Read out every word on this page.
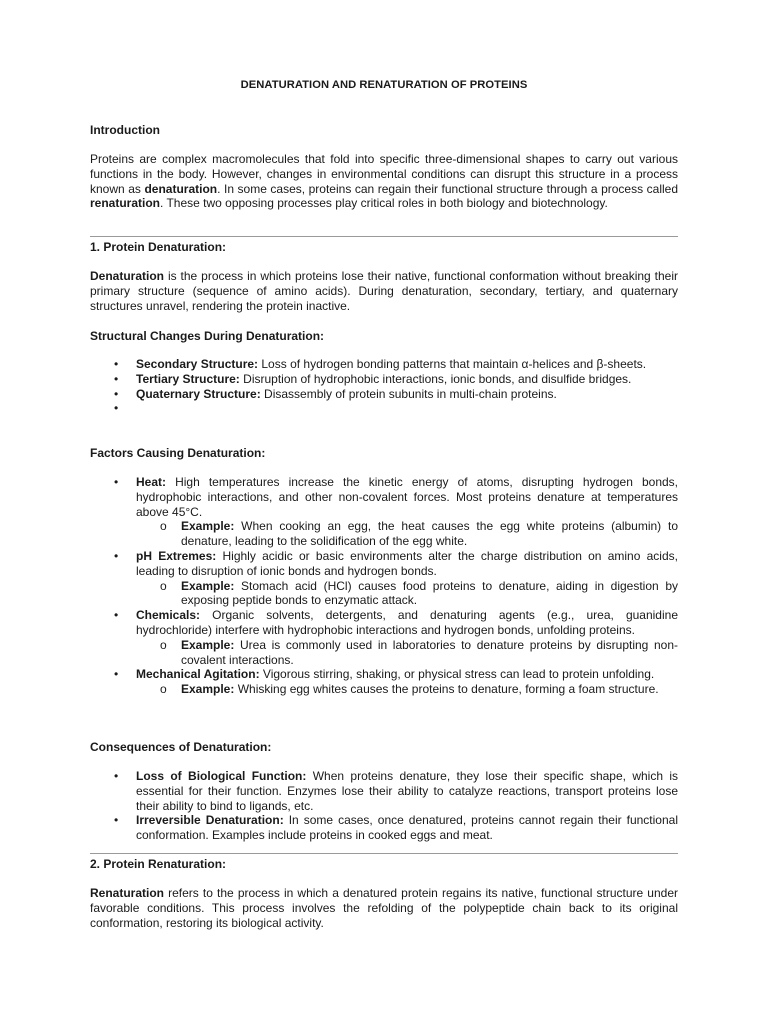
DENATURATION AND RENATURATION OF PROTEINS
Introduction
Proteins are complex macromolecules that fold into specific three-dimensional shapes to carry out various functions in the body. However, changes in environmental conditions can disrupt this structure in a process known as denaturation. In some cases, proteins can regain their functional structure through a process called renaturation. These two opposing processes play critical roles in both biology and biotechnology.
1. Protein Denaturation:
Denaturation is the process in which proteins lose their native, functional conformation without breaking their primary structure (sequence of amino acids). During denaturation, secondary, tertiary, and quaternary structures unravel, rendering the protein inactive.
Structural Changes During Denaturation:
• Secondary Structure: Loss of hydrogen bonding patterns that maintain α-helices and β-sheets.
• Tertiary Structure: Disruption of hydrophobic interactions, ionic bonds, and disulfide bridges.
• Quaternary Structure: Disassembly of protein subunits in multi-chain proteins.
•

Factors Causing Denaturation:
• Heat: High temperatures increase the kinetic energy of atoms, disrupting hydrogen bonds, hydrophobic interactions, and other non-covalent forces. Most proteins denature at temperatures above 45°C.
o Example: When cooking an egg, the heat causes the egg white proteins (albumin) to denature, leading to the solidification of the egg white.
• pH Extremes: Highly acidic or basic environments alter the charge distribution on amino acids, leading to disruption of ionic bonds and hydrogen bonds.
o Example: Stomach acid (HCl) causes food proteins to denature, aiding in digestion by exposing peptide bonds to enzymatic attack.
• Chemicals: Organic solvents, detergents, and denaturing agents (e.g., urea, guanidine hydrochloride) interfere with hydrophobic interactions and hydrogen bonds, unfolding proteins.
o Example: Urea is commonly used in laboratories to denature proteins by disrupting non-covalent interactions.
• Mechanical Agitation: Vigorous stirring, shaking, or physical stress can lead to protein unfolding.
o Example: Whisking egg whites causes the proteins to denature, forming a foam structure.
Consequences of Denaturation:
• Loss of Biological Function: When proteins denature, they lose their specific shape, which is essential for their function. Enzymes lose their ability to catalyze reactions, transport proteins lose their ability to bind to ligands, etc.
• Irreversible Denaturation: In some cases, once denatured, proteins cannot regain their functional conformation. Examples include proteins in cooked eggs and meat.
2. Protein Renaturation:
Renaturation refers to the process in which a denatured protein regains its native, functional structure under favorable conditions. This process involves the refolding of the polypeptide chain back to its original conformation, restoring its biological activity.
